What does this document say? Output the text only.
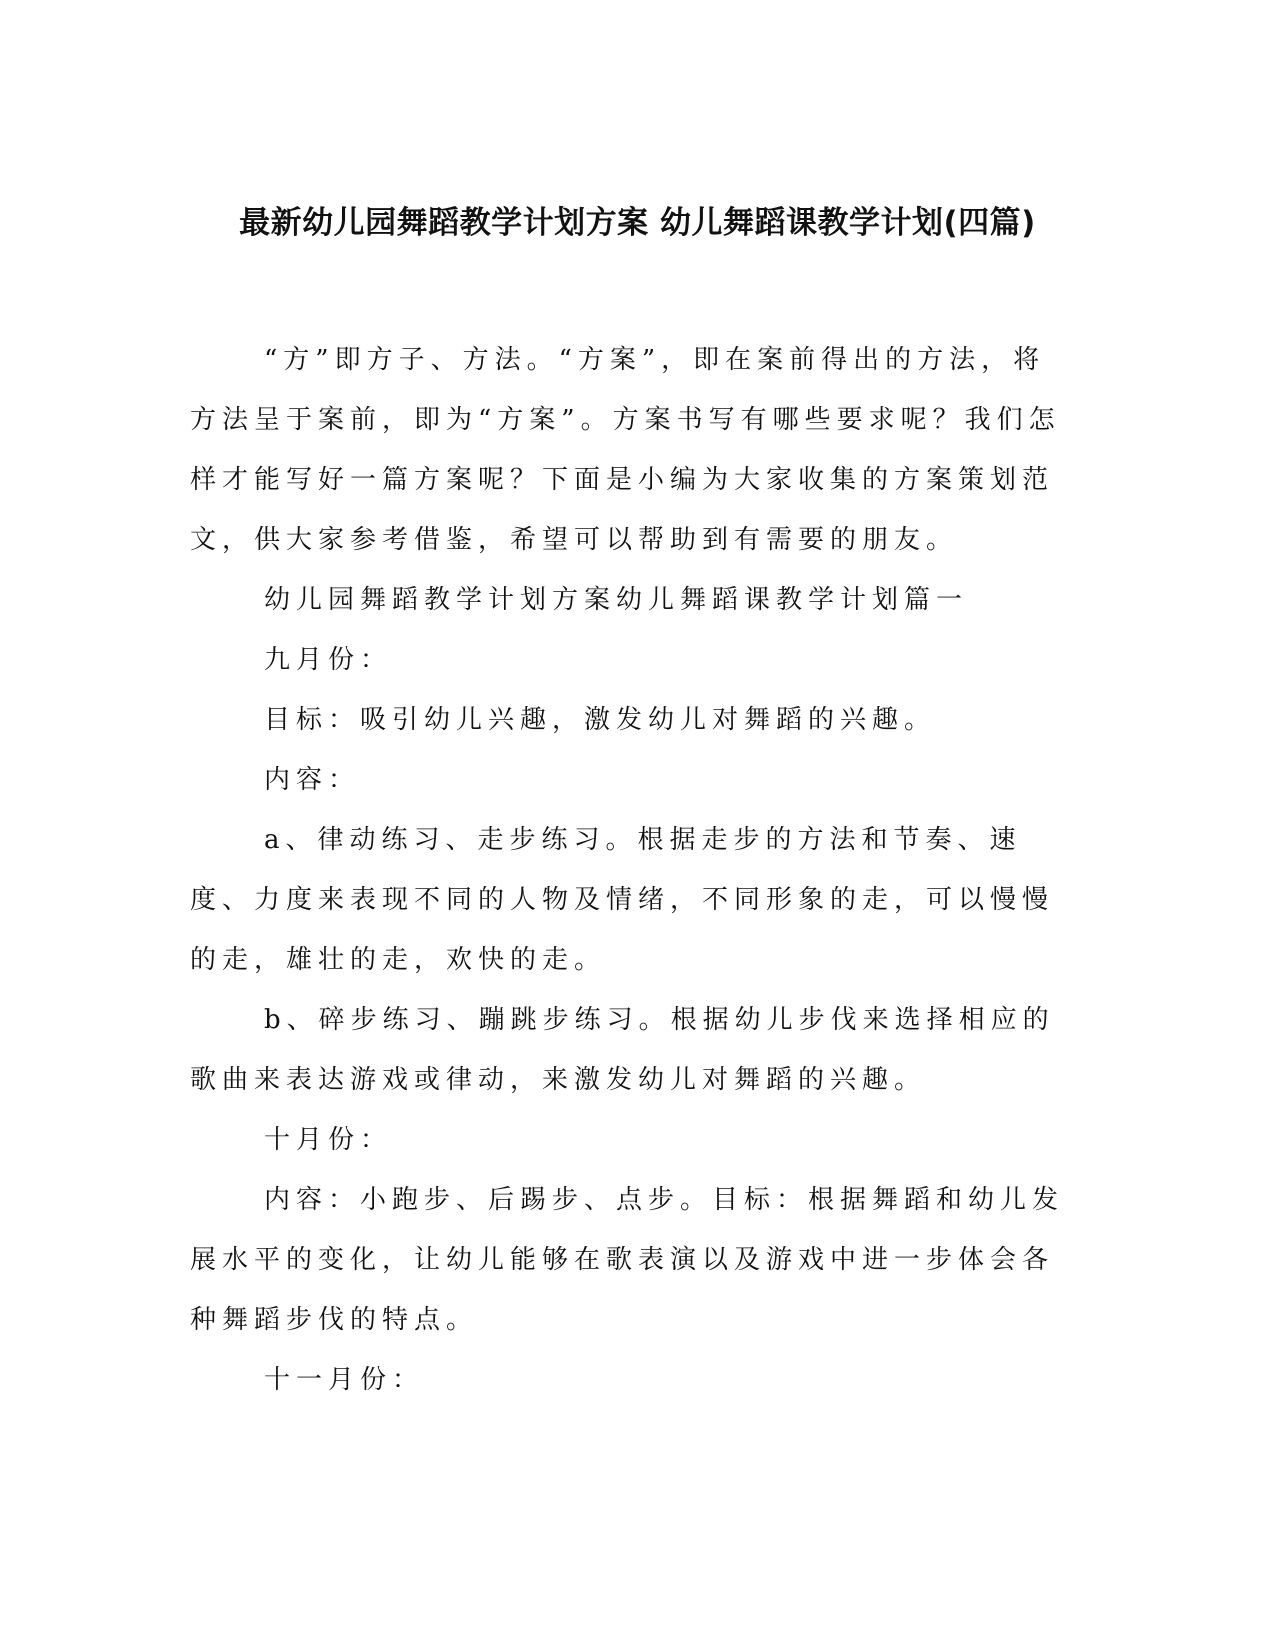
最新幼儿园舞蹈教学计划方案 幼儿舞蹈课教学计划(四篇)

“方”即方子、方法。“方案”，即在案前得出的方法，将方法呈于案前，即为“方案”。方案书写有哪些要求呢？我们怎样才能写好一篇方案呢？下面是小编为大家收集的方案策划范文，供大家参考借鉴，希望可以帮助到有需要的朋友。

幼儿园舞蹈教学计划方案幼儿舞蹈课教学计划篇一

九月份：

目标：吸引幼儿兴趣，激发幼儿对舞蹈的兴趣。

内容：

a、律动练习、走步练习。根据走步的方法和节奏、速度、力度来表现不同的人物及情绪，不同形象的走，可以慢慢的走，雄壮的走，欢快的走。

b、碎步练习、蹦跳步练习。根据幼儿步伐来选择相应的歌曲来表达游戏或律动，来激发幼儿对舞蹈的兴趣。

十月份：

内容：小跑步、后踢步、点步。目标：根据舞蹈和幼儿发展水平的变化，让幼儿能够在歌表演以及游戏中进一步体会各种舞蹈步伐的特点。

十一月份：
